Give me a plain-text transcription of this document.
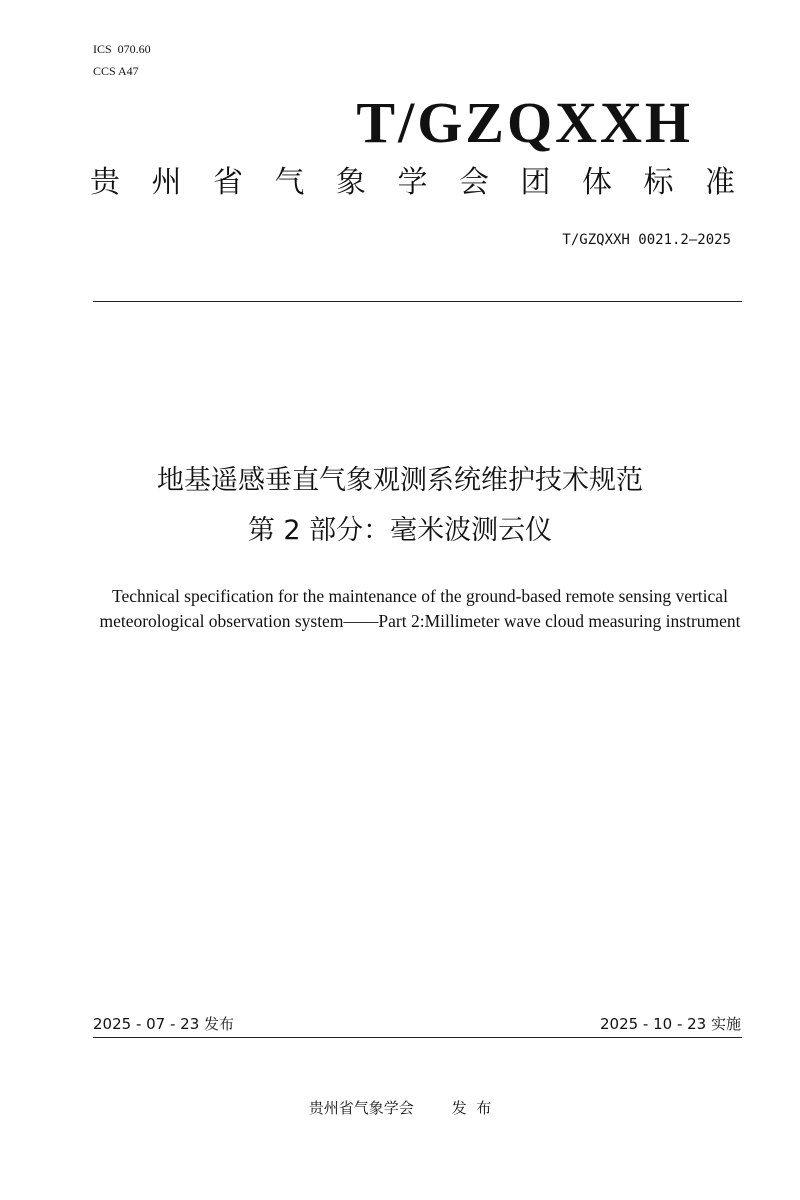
ICS  070.60
CCS A47
T/GZQXXH
贵 州 省 气 象 学 会 团 体 标 准
T/GZQXXH 0021.2—2025
地基遥感垂直气象观测系统维护技术规范
第 2 部分：毫米波测云仪
Technical specification for the maintenance of the ground-based remote sensing vertical meteorological observation system——Part 2:Millimeter wave cloud measuring instrument
2025 - 07 - 23 发布	2025 - 10 - 23 实施
贵州省气象学会	发  布
